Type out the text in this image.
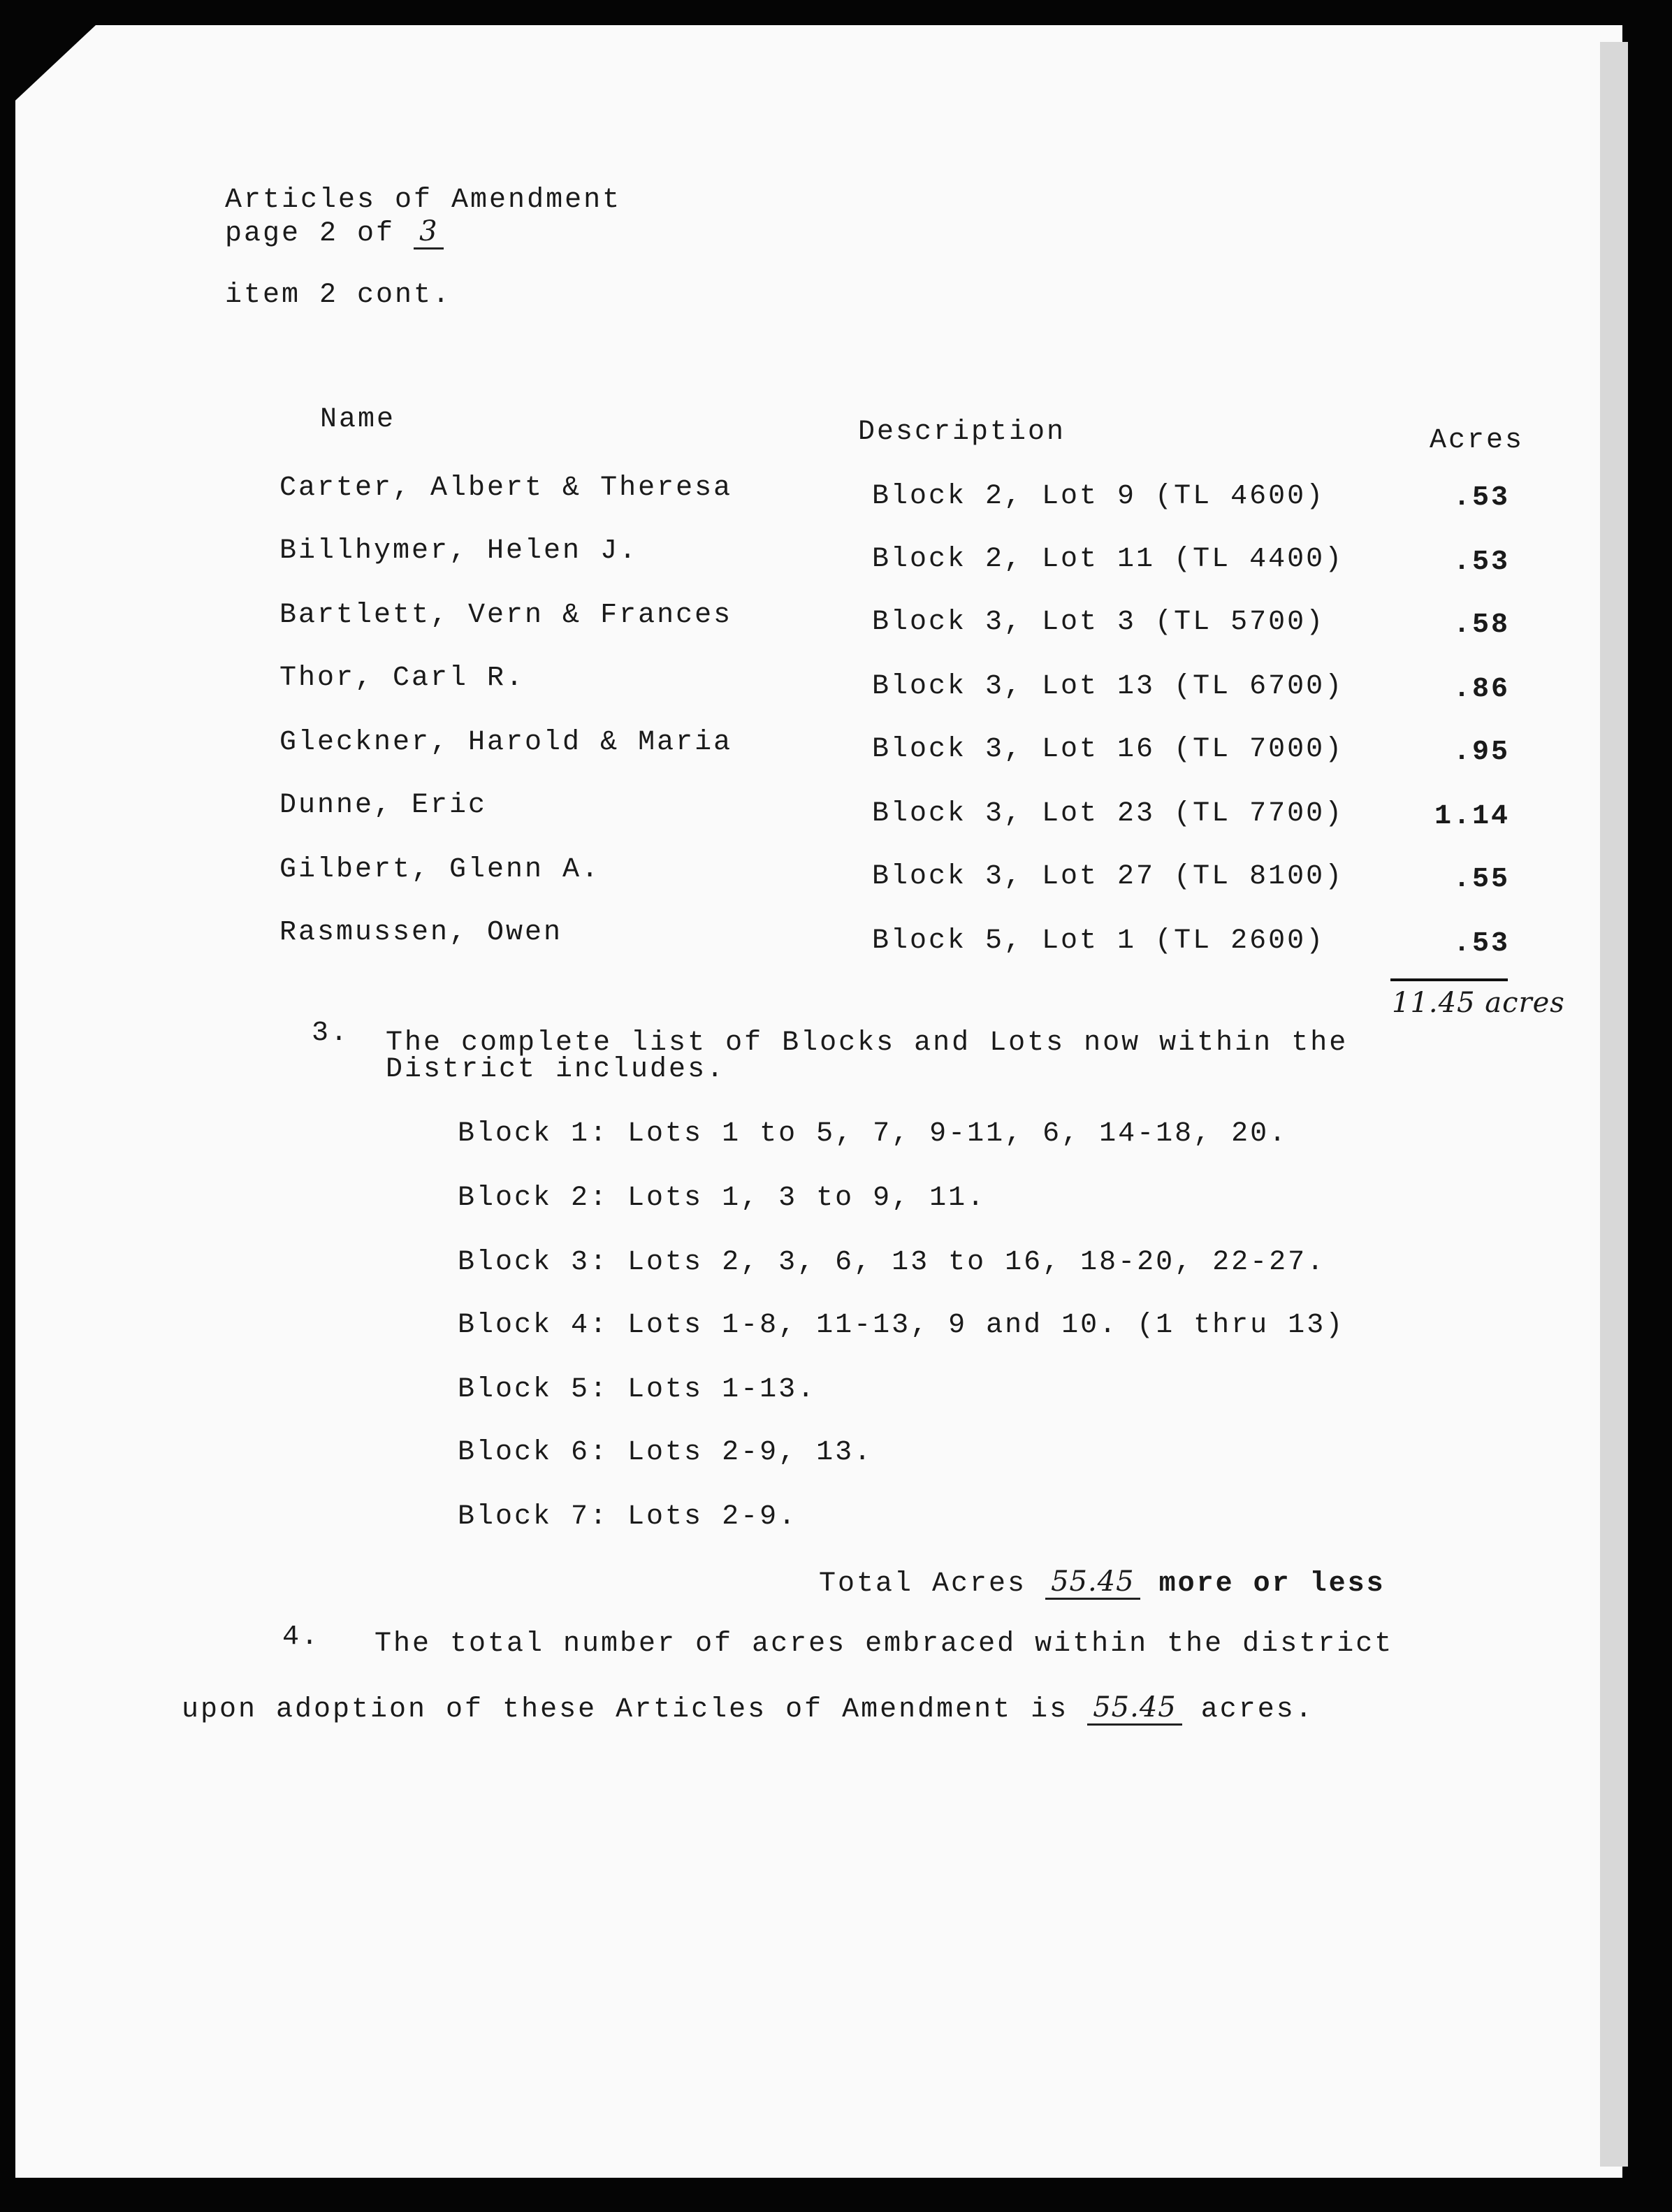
Articles of Amendment
page 2 of 3
item 2 cont.
Name	Description	Acres
Carter, Albert & Theresa	Block 2, Lot 9 (TL 4600)	.53
Billhymer, Helen J.	Block 2, Lot 11 (TL 4400)	.53
Bartlett, Vern & Frances	Block 3, Lot 3 (TL 5700)	.58
Thor, Carl R.	Block 3, Lot 13 (TL 6700)	.86
Gleckner, Harold & Maria	Block 3, Lot 16 (TL 7000)	.95
Dunne, Eric	Block 3, Lot 23 (TL 7700)	1.14
Gilbert, Glenn A.	Block 3, Lot 27 (TL 8100)	.55
Rasmussen, Owen	Block 5, Lot 1 (TL 2600)	.53
11.45 acres
3. The complete list of Blocks and Lots now within the
District includes.
Block 1: Lots 1 to 5, 7, 9-11, 6, 14-18, 20.
Block 2: Lots 1, 3 to 9, 11.
Block 3: Lots 2, 3, 6, 13 to 16, 18-20, 22-27.
Block 4: Lots 1-8, 11-13, 9 and 10. (1 thru 13)
Block 5: Lots 1-13.
Block 6: Lots 2-9, 13.
Block 7: Lots 2-9.
Total Acres 55.45 more or less
4. The total number of acres embraced within the district
upon adoption of these Articles of Amendment is 55.45 acres.
